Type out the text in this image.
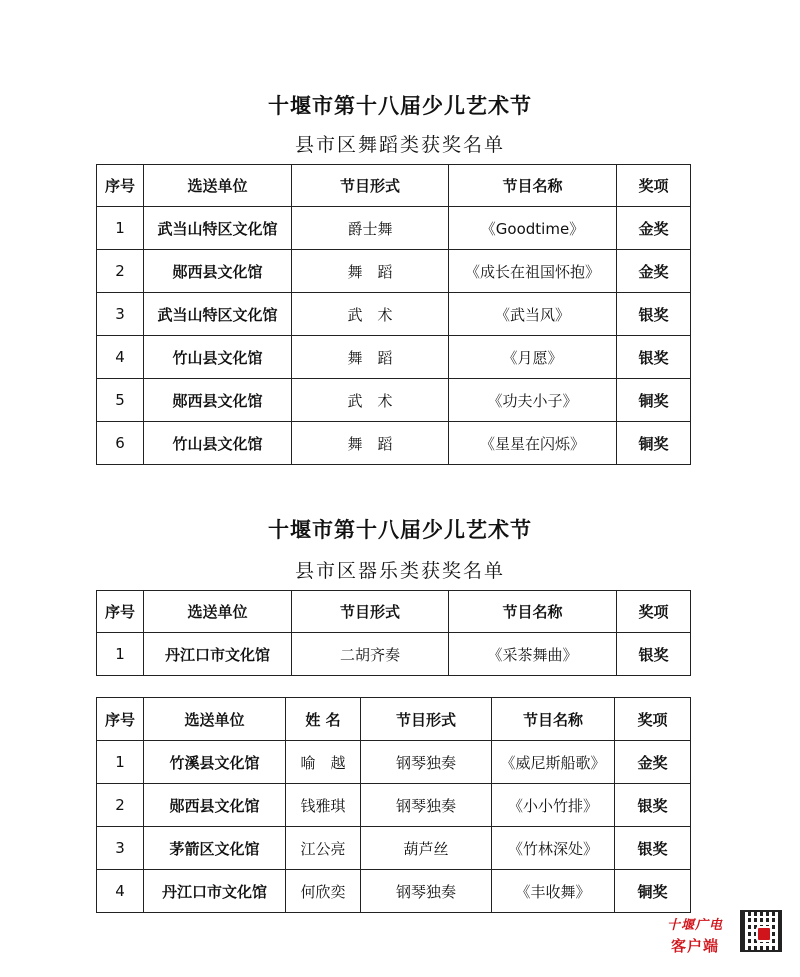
十堰市第十八届少儿艺术节
县市区舞蹈类获奖名单
序号	选送单位	节目形式	节目名称	奖项
1	武当山特区文化馆	爵士舞	《Goodtime》	金奖
2	郧西县文化馆	舞　蹈	《成长在祖国怀抱》	金奖
3	武当山特区文化馆	武　术	《武当风》	银奖
4	竹山县文化馆	舞　蹈	《月愿》	银奖
5	郧西县文化馆	武　术	《功夫小子》	铜奖
6	竹山县文化馆	舞　蹈	《星星在闪烁》	铜奖
十堰市第十八届少儿艺术节
县市区器乐类获奖名单
序号	选送单位	节目形式	节目名称	奖项
1	丹江口市文化馆	二胡齐奏	《采茶舞曲》	银奖
序号	选送单位	姓 名	节目形式	节目名称	奖项
1	竹溪县文化馆	喻　越	钢琴独奏	《威尼斯船歌》	金奖
2	郧西县文化馆	钱雅琪	钢琴独奏	《小小竹排》	银奖
3	茅箭区文化馆	江公亮	葫芦丝	《竹林深处》	银奖
4	丹江口市文化馆	何欣奕	钢琴独奏	《丰收舞》	铜奖
十堰广电
客户端
